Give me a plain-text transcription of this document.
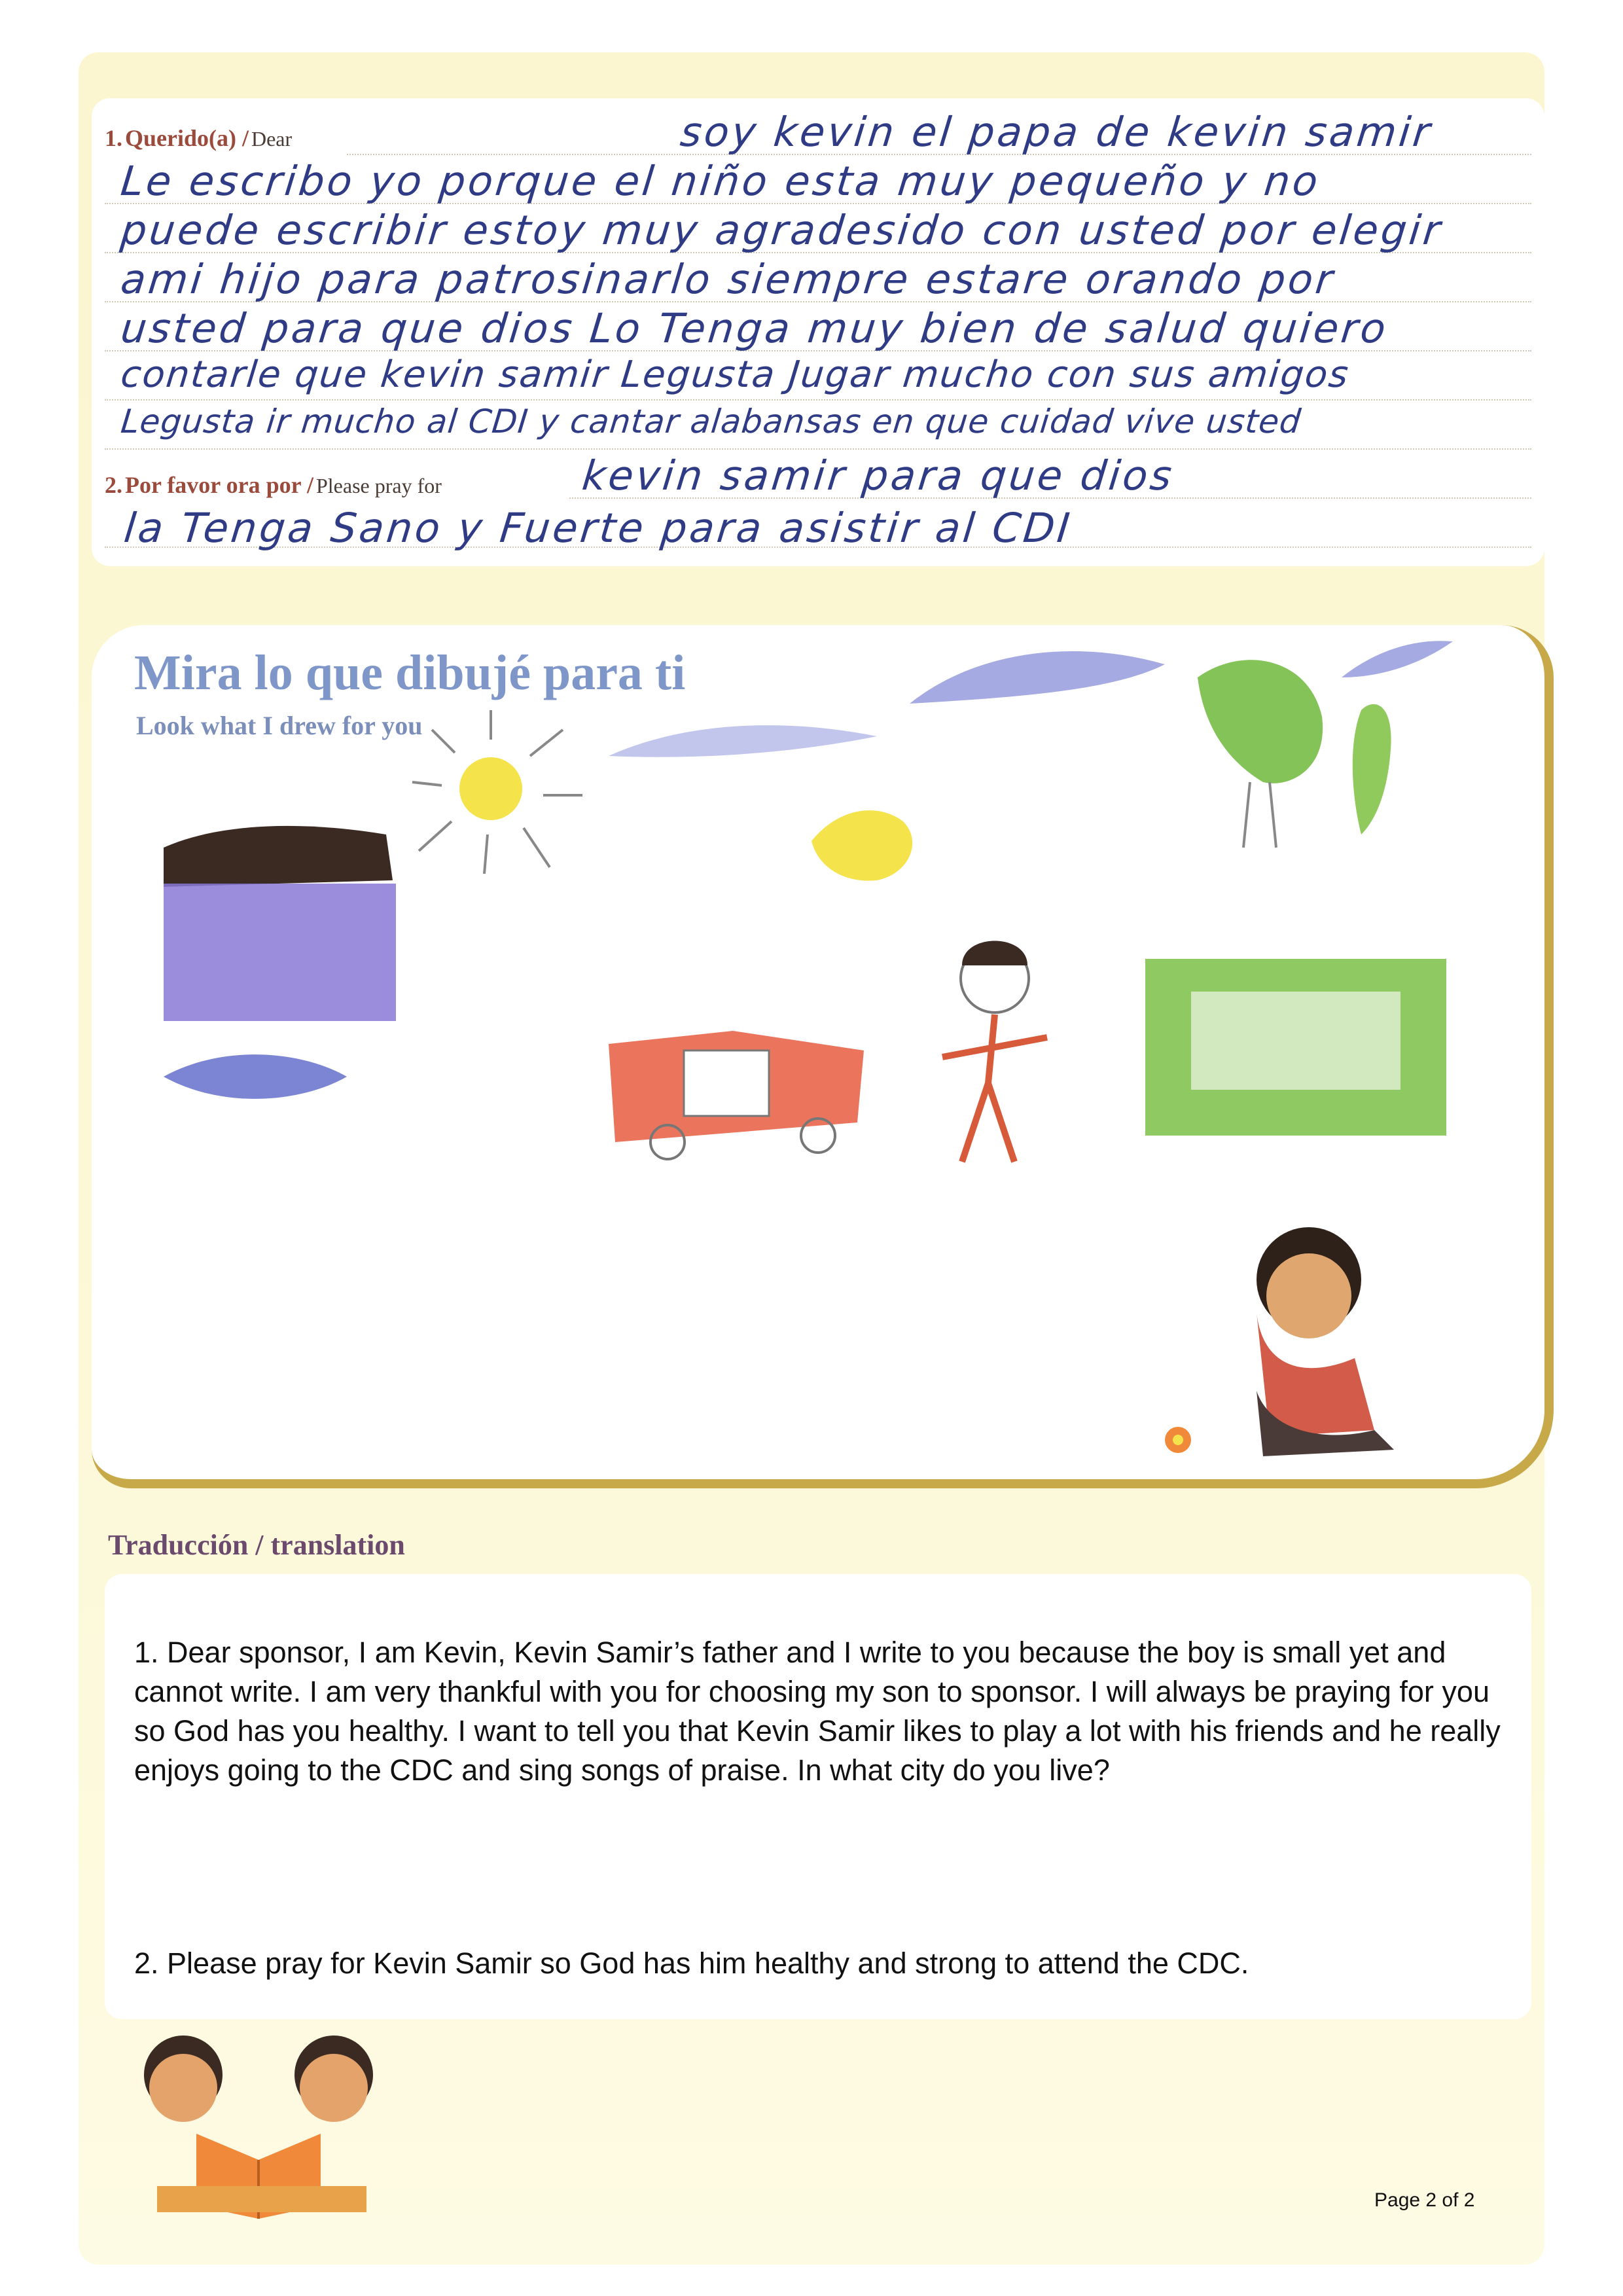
1. Querido(a) / Dear	soy kevin el papa de kevin samir
Le escribo yo porque el niño esta muy pequeño y no
puede escribir estoy muy agradesido con usted por elegir
ami hijo para patrosinarlo siempre estare orando por
usted para que dios Lo Tenga muy bien de salud quiero
contarle que kevin samir Legusta Jugar mucho con sus amigos
Legusta ir mucho al CDI y cantar alabansas en que cuidad vive usted
2. Por favor ora por / Please pray for	kevin samir para que dios
la Tenga Sano y Fuerte para asistir al CDI
Mira lo que dibujé para ti
Look what I drew for you
Traducción / translation
1. Dear sponsor, I am Kevin, Kevin Samir’s father and I write to you because the boy is small yet and cannot write. I am very thankful with you for choosing my son to sponsor. I will always be praying for you so God has you healthy. I want to tell you that Kevin Samir likes to play a lot with his friends and he really enjoys going to the CDC and sing songs of praise. In what city do you live?
2. Please pray for Kevin Samir so God has him healthy and strong to attend the CDC.
Page 2 of 2
